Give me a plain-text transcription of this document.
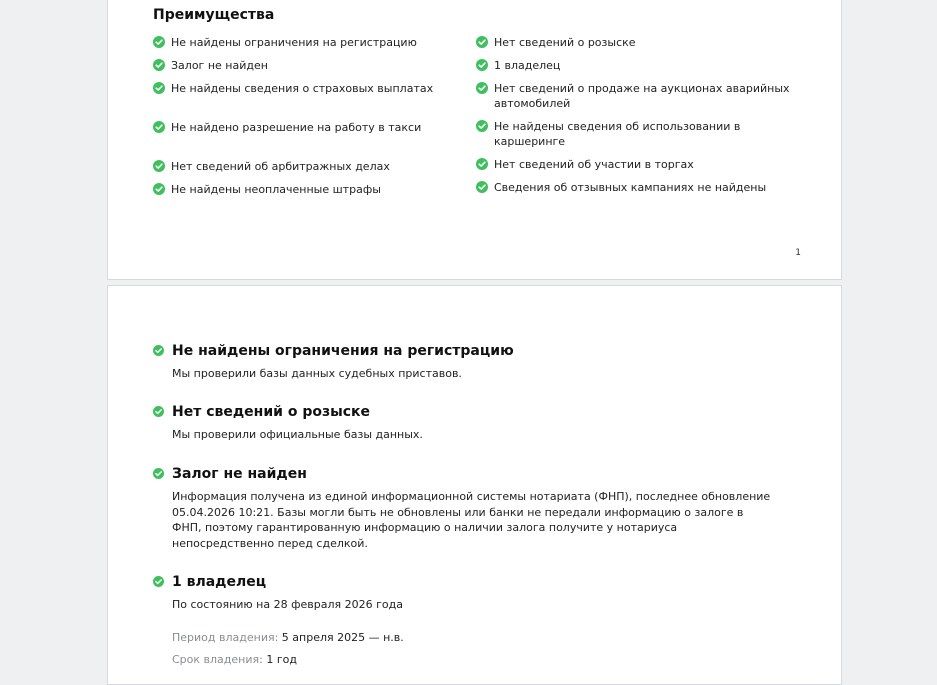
Преимущества
Не найдены ограничения на регистрацию
Залог не найден
Не найдены сведения о страховых выплатах
Не найдено разрешение на работу в такси
Нет сведений об арбитражных делах
Не найдены неоплаченные штрафы
Нет сведений о розыске
1 владелец
Нет сведений о продаже на аукционах аварийных автомобилей
Не найдены сведения об использовании в каршеринге
Нет сведений об участии в торгах
Сведения об отзывных кампаниях не найдены
1
Не найдены ограничения на регистрацию
Мы проверили базы данных судебных приставов.
Нет сведений о розыске
Мы проверили официальные базы данных.
Залог не найден
Информация получена из единой информационной системы нотариата (ФНП), последнее обновление 05.04.2026 10:21. Базы могли быть не обновлены или банки не передали информацию о залоге в ФНП, поэтому гарантированную информацию о наличии залога получите у нотариуса непосредственно перед сделкой.
1 владелец
По состоянию на 28 февраля 2026 года
Период владения: 5 апреля 2025 — н.в.
Срок владения: 1 год
